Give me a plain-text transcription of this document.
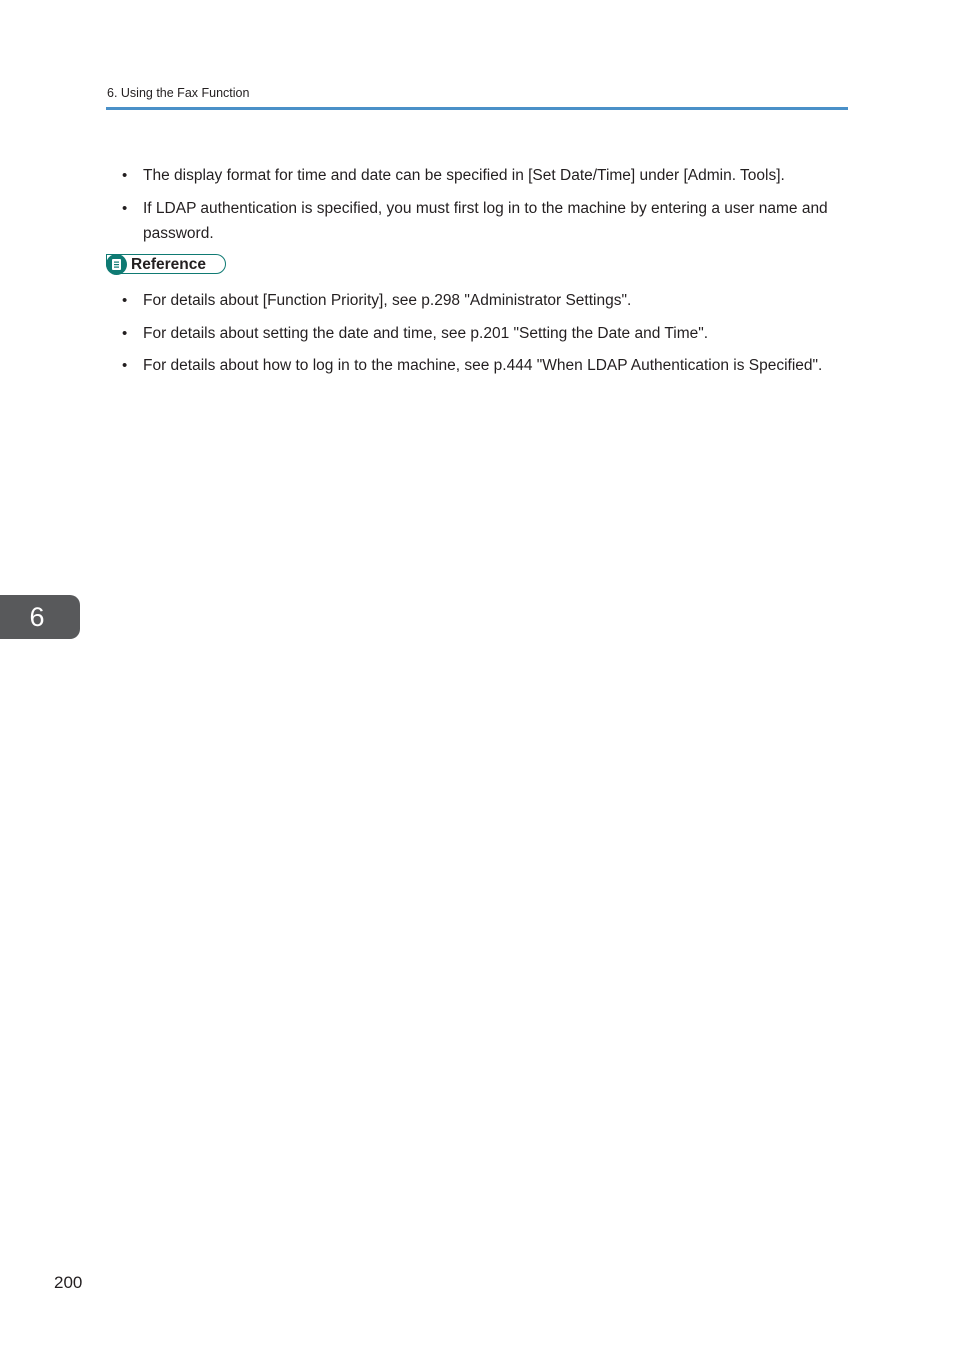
6. Using the Fax Function
• The display format for time and date can be specified in [Set Date/Time] under [Admin. Tools].
• If LDAP authentication is specified, you must first log in to the machine by entering a user name and password.
Reference
• For details about [Function Priority], see p.298 "Administrator Settings".
• For details about setting the date and time, see p.201 "Setting the Date and Time".
• For details about how to log in to the machine, see p.444 "When LDAP Authentication is Specified".
6
200
